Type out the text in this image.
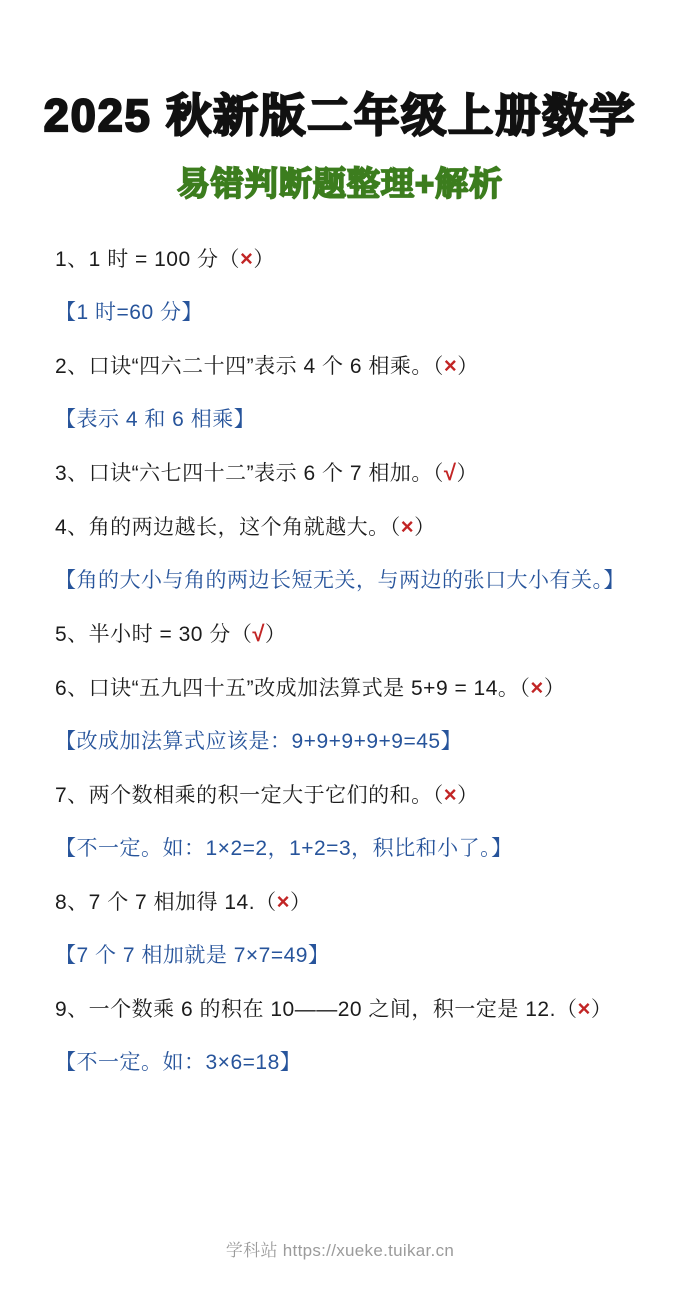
2025 秋新版二年级上册数学
易错判断题整理+解析

1、1 时 = 100 分（×）

【1 时=60 分】

2、口诀“四六二十四”表示 4 个 6 相乘。（×）

【表示 4 和 6 相乘】

3、口诀“六七四十二”表示 6 个 7 相加。（√）

4、角的两边越长，这个角就越大。（×）

【角的大小与角的两边长短无关，与两边的张口大小有关。】

5、半小时 = 30 分（√）

6、口诀“五九四十五”改成加法算式是 5+9 = 14。（×）

【改成加法算式应该是：9+9+9+9+9=45】

7、两个数相乘的积一定大于它们的和。（×）

【不一定。如：1×2=2，1+2=3，积比和小了。】

8、7 个 7 相加得 14.（×）

【7 个 7 相加就是 7×7=49】

9、一个数乘 6 的积在 10——20 之间，积一定是 12.（×）

【不一定。如：3×6=18】

学科站 https://xueke.tuikar.cn
